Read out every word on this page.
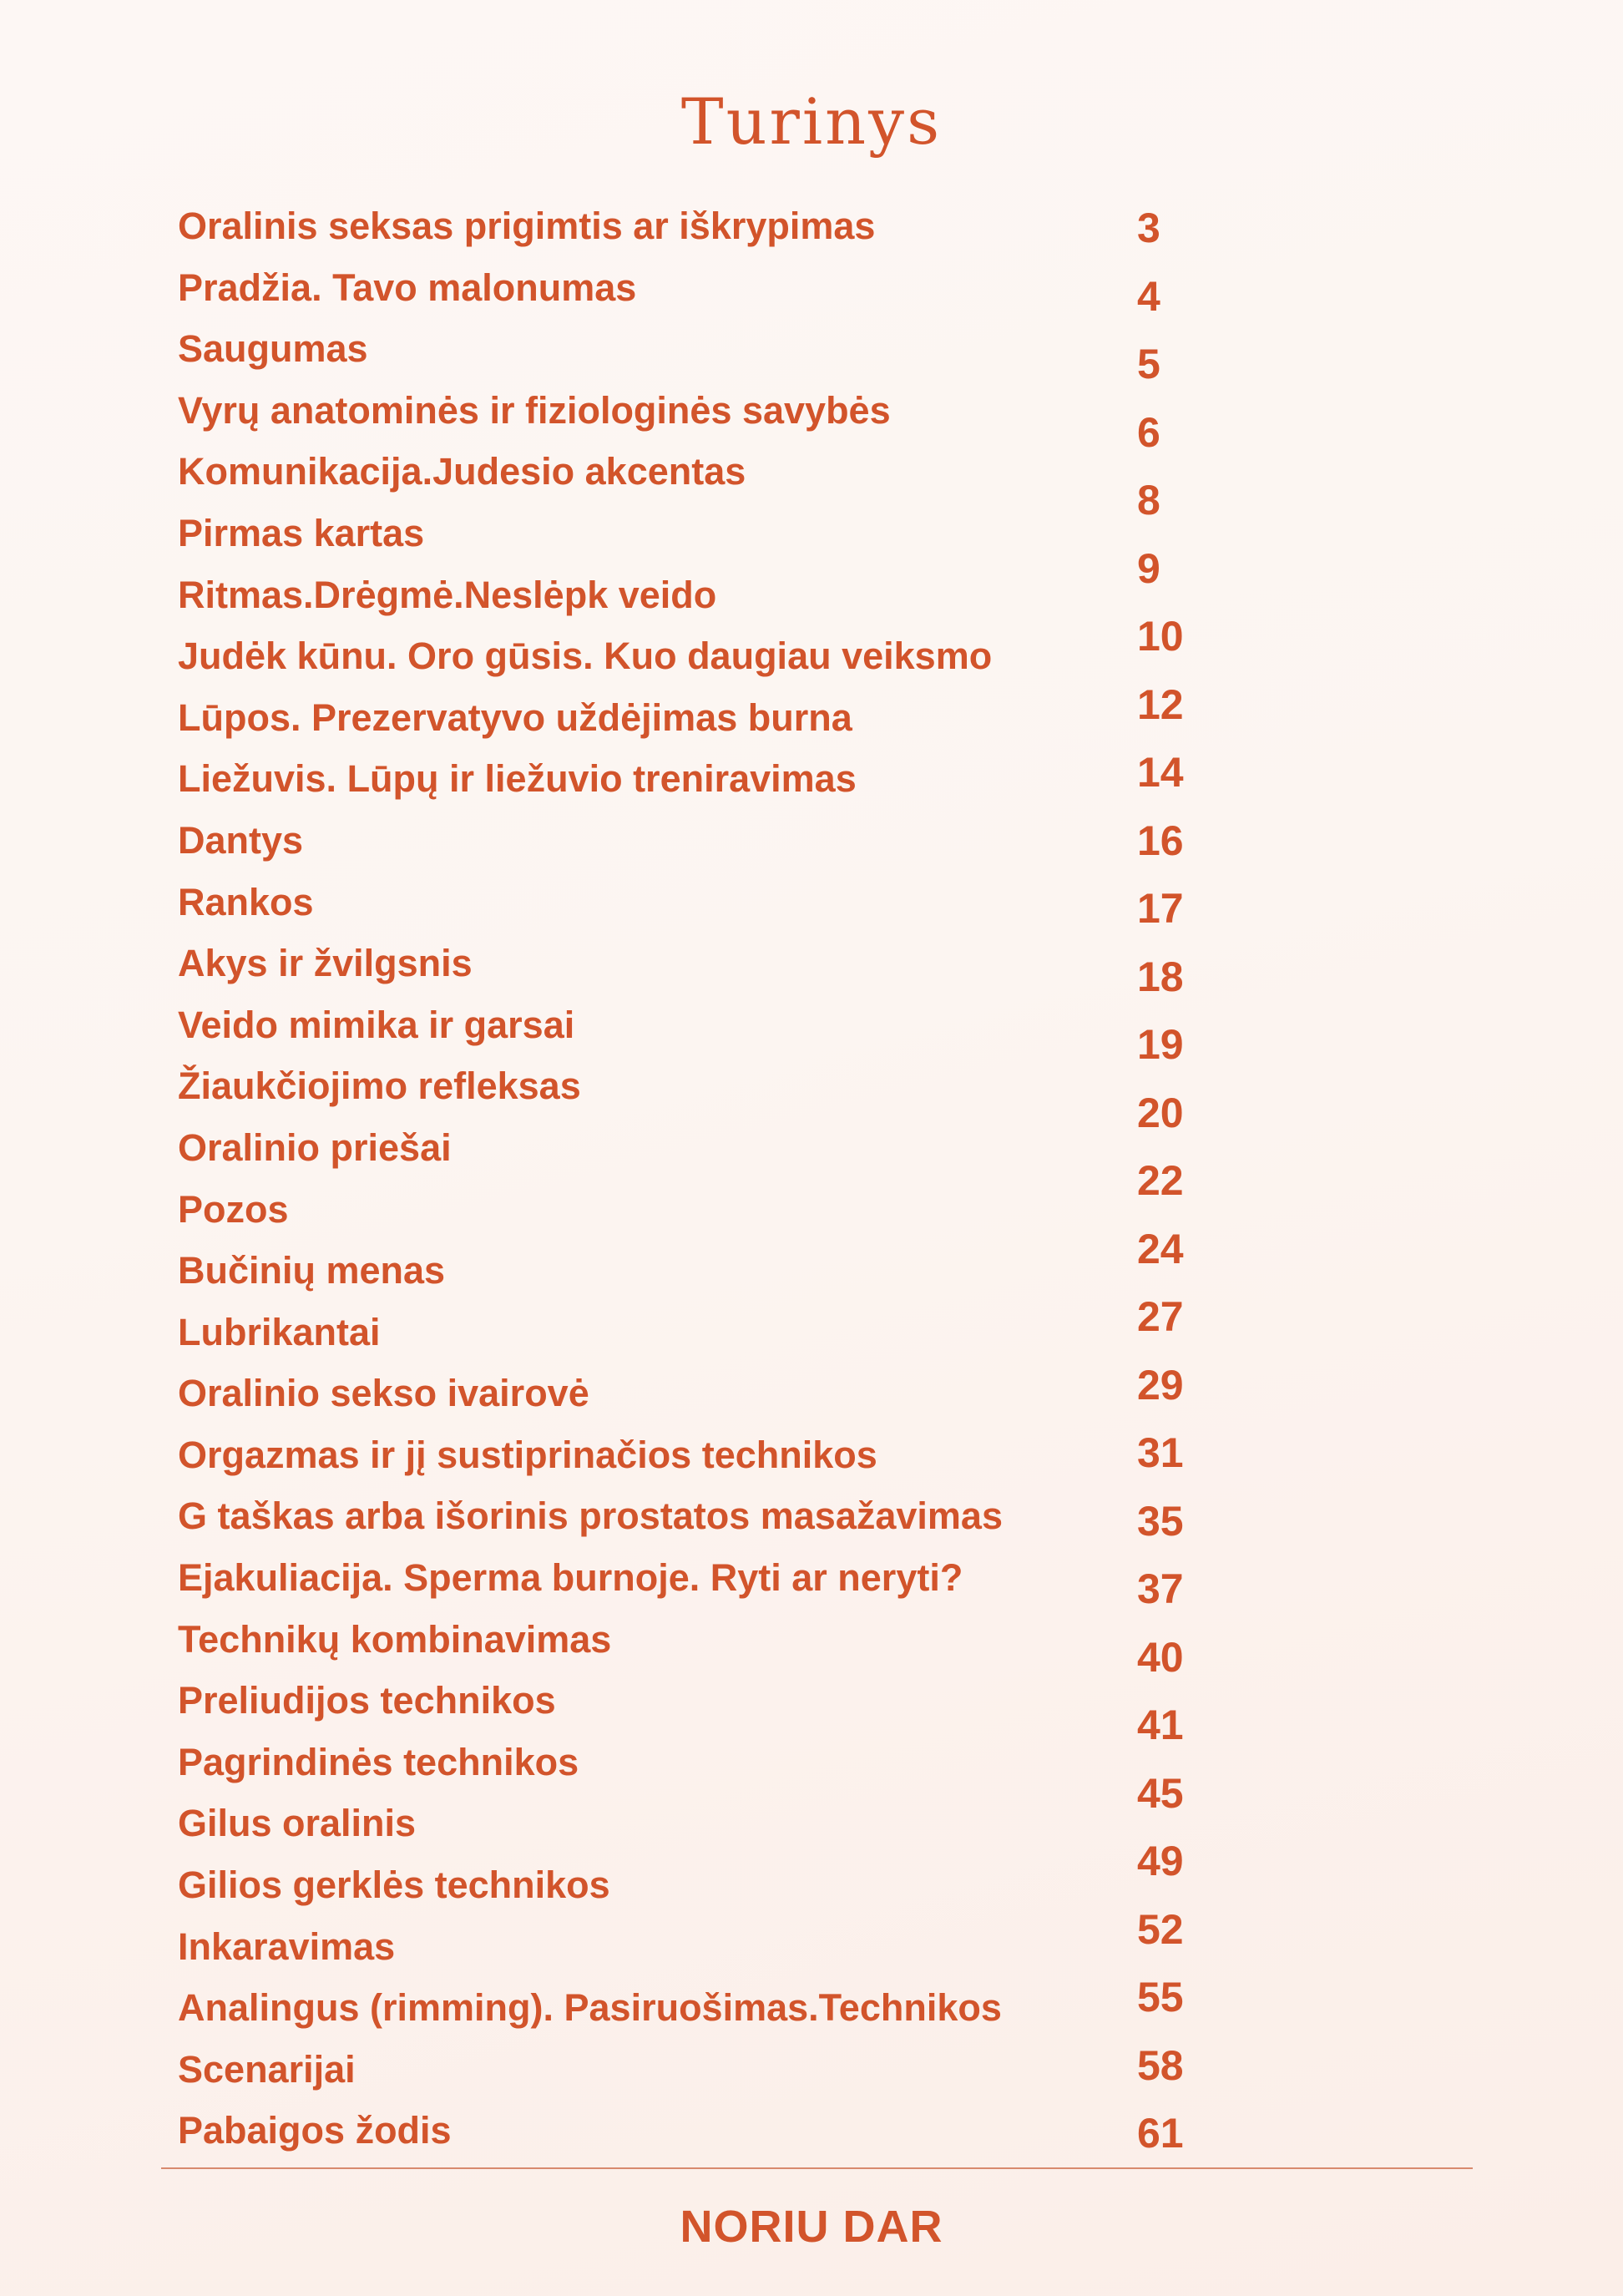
Turinys
Oralinis seksas prigimtis ar iškrypimas
Pradžia. Tavo malonumas
Saugumas
Vyrų anatominės ir fiziologinės savybės
Komunikacija.Judesio akcentas
Pirmas kartas
Ritmas.Drėgmė.Neslėpk veido
Judėk kūnu. Oro gūsis. Kuo daugiau veiksmo
Lūpos. Prezervatyvo uždėjimas burna
Liežuvis. Lūpų ir liežuvio treniravimas
Dantys
Rankos
Akys ir žvilgsnis
Veido mimika ir garsai
Žiaukčiojimo refleksas
Oralinio priešai
Pozos
Bučinių menas
Lubrikantai
Oralinio sekso ivairovė
Orgazmas ir jį sustiprinačios technikos
G taškas arba išorinis prostatos masažavimas
Ejakuliacija. Sperma burnoje. Ryti ar neryti?
Technikų kombinavimas
Preliudijos technikos
Pagrindinės technikos
Gilus oralinis
Gilios gerklės technikos
Inkaravimas
Analingus (rimming). Pasiruošimas.Technikos
Scenarijai
Pabaigos žodis
3
4
5
6
8
9
10
12
14
16
17
18
19
20
22
24
27
29
31
35
37
40
41
45
49
52
55
58
61
NORIU DAR
